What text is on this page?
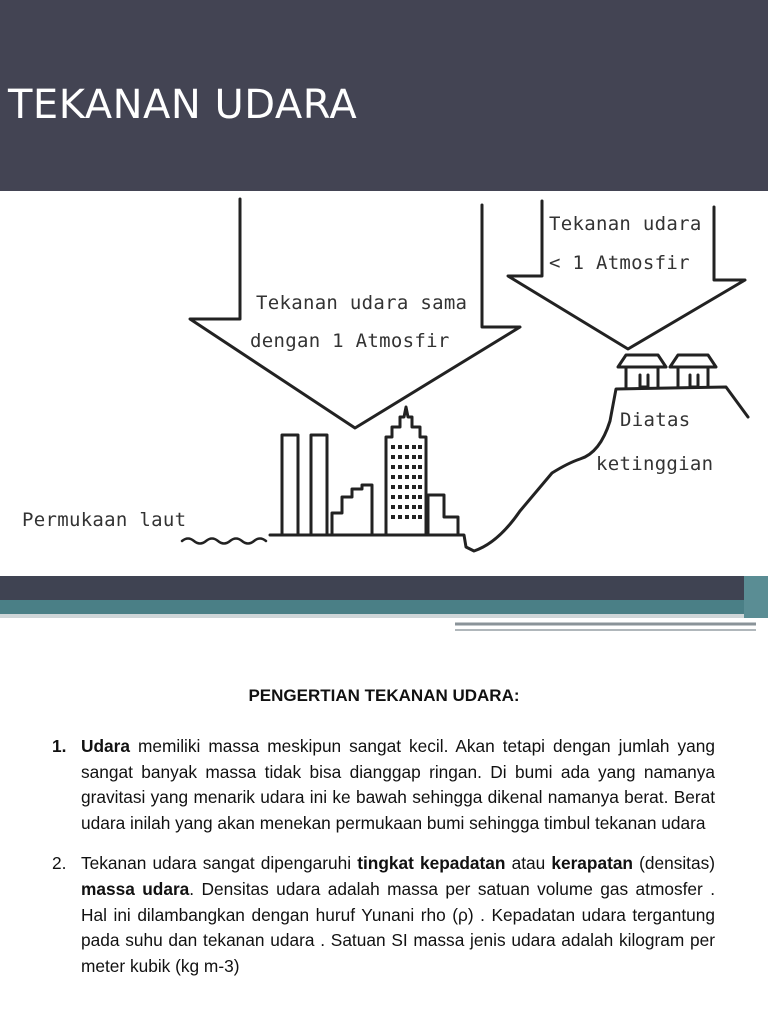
TEKANAN UDARA
Tekanan udara sama
dengan 1 Atmosfir
Tekanan udara
< 1 Atmosfir
Permukaan laut
Diatas
ketinggian
PENGERTIAN TEKANAN UDARA:
1. Udara memiliki massa meskipun sangat kecil. Akan tetapi dengan jumlah yang sangat banyak massa tidak bisa dianggap ringan. Di bumi ada yang namanya gravitasi yang menarik udara ini ke bawah sehingga dikenal namanya berat. Berat udara inilah yang akan menekan permukaan bumi sehingga timbul tekanan udara
2. Tekanan udara sangat dipengaruhi tingkat kepadatan atau kerapatan (densitas) massa udara. Densitas udara adalah massa per satuan volume gas atmosfer . Hal ini dilambangkan dengan huruf Yunani rho (ρ) . Kepadatan udara tergantung pada suhu dan tekanan udara . Satuan SI massa jenis udara adalah kilogram per meter kubik (kg m-3)
